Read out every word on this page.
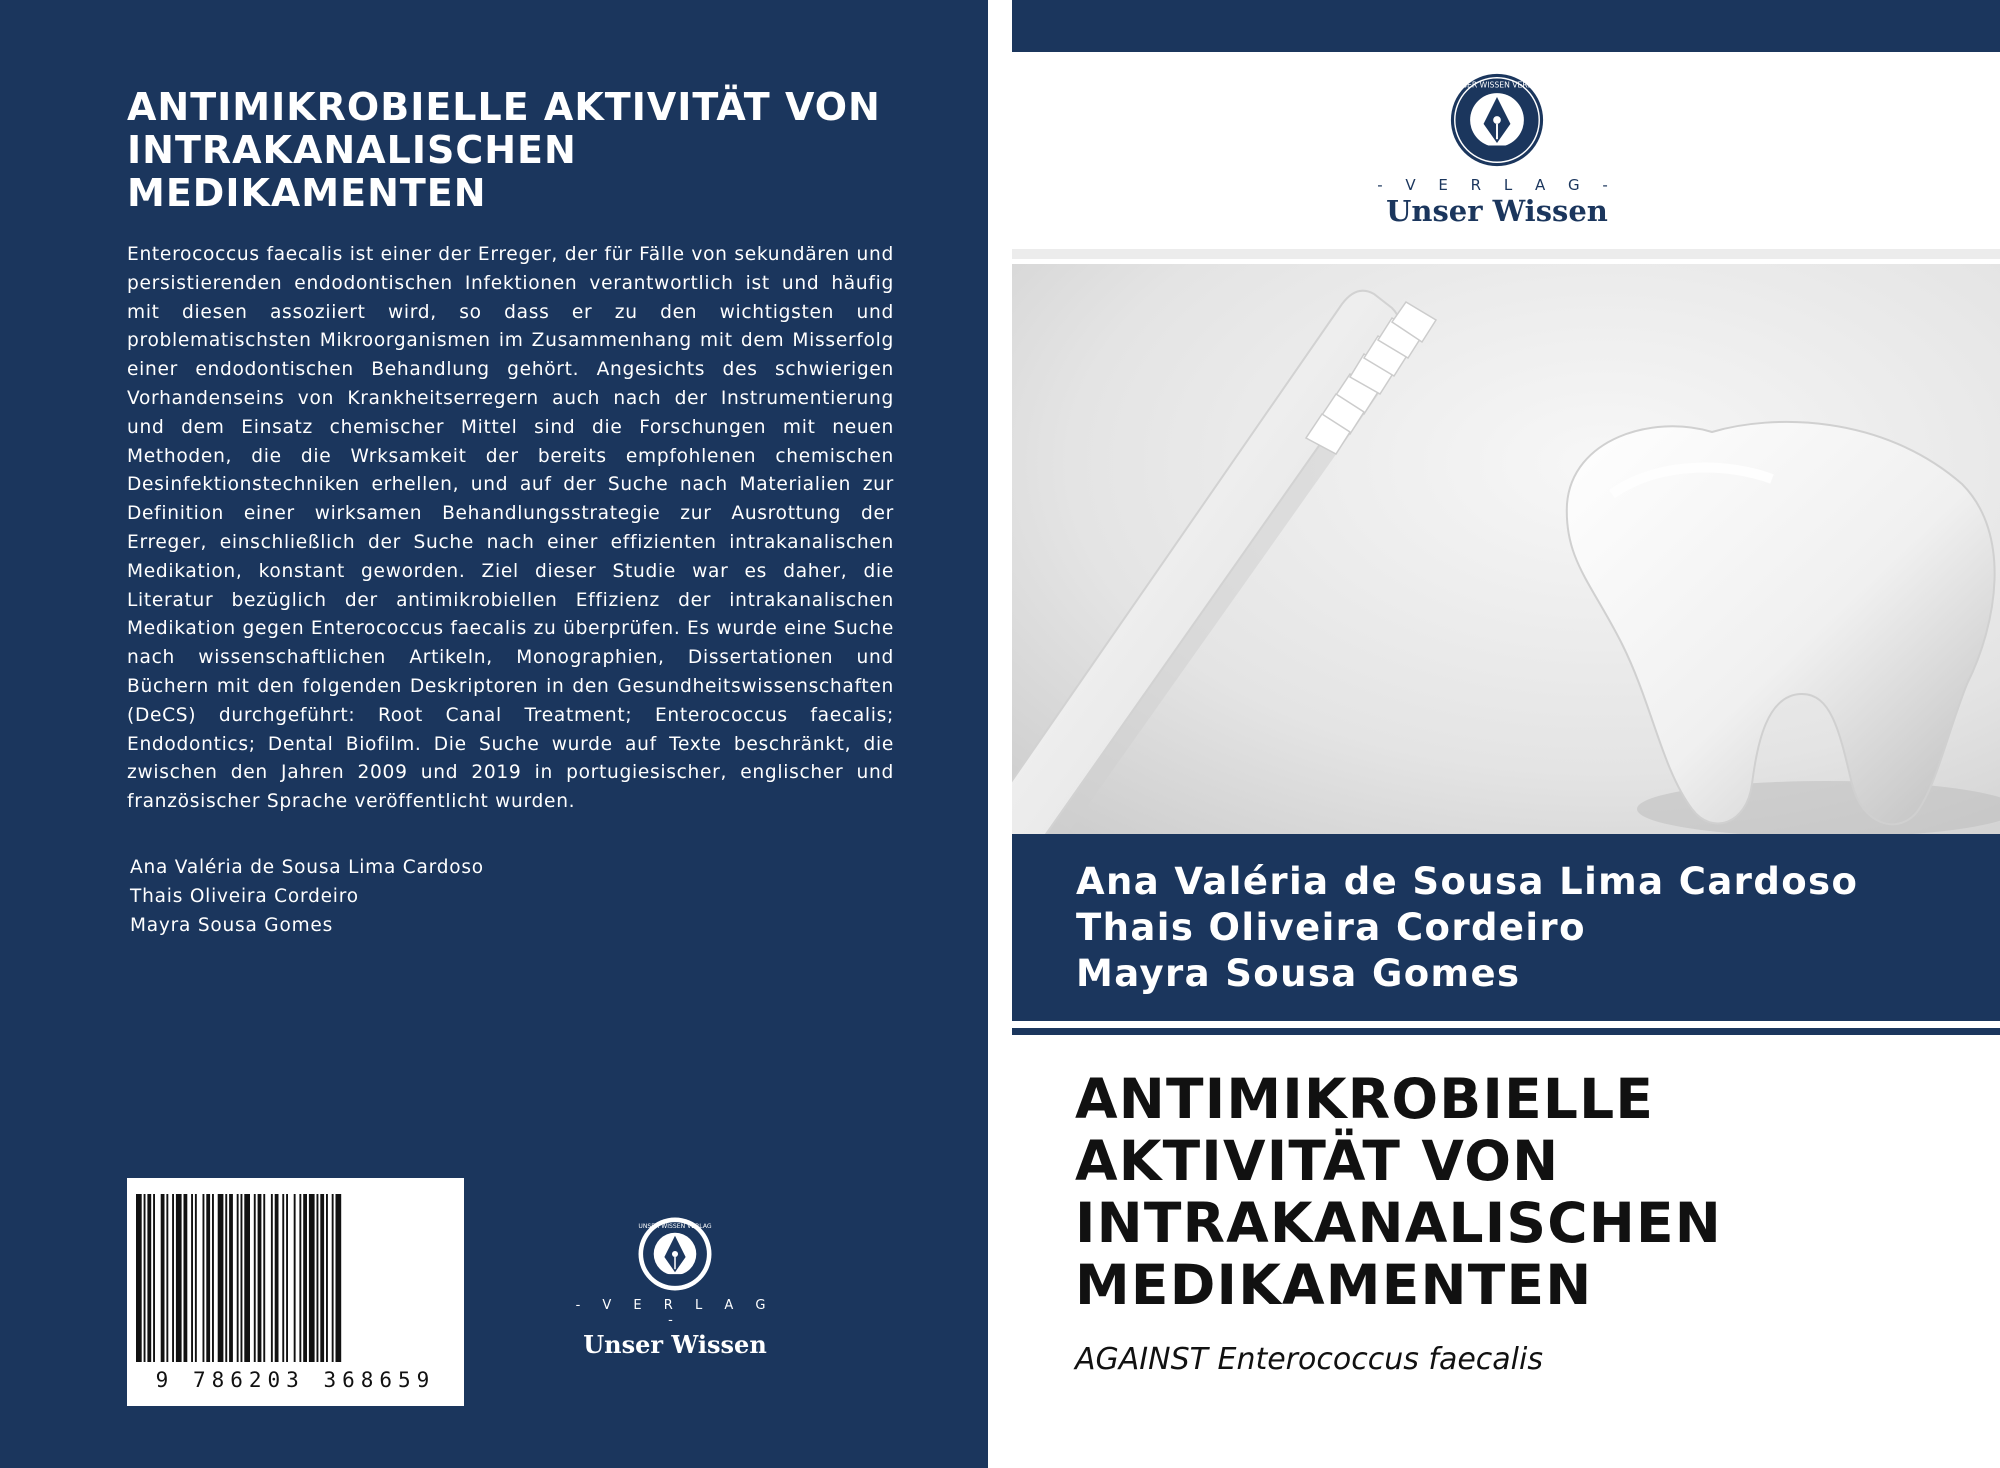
ANTIMIKROBIELLE AKTIVITÄT VON INTRAKANALISCHEN MEDIKAMENTEN

Enterococcus faecalis ist einer der Erreger, der für Fälle von sekundären und persistierenden endodontischen Infektionen verantwortlich ist und häufig mit diesen assoziiert wird, so dass er zu den wichtigsten und problematischsten Mikroorganismen im Zusammenhang mit dem Misserfolg einer endodontischen Behandlung gehört. Angesichts des schwierigen Vorhandenseins von Krankheitserregern auch nach der Instrumentierung und dem Einsatz chemischer Mittel sind die Forschungen mit neuen Methoden, die die Wrksamkeit der bereits empfohlenen chemischen Desinfektionstechniken erhellen, und auf der Suche nach Materialien zur Definition einer wirksamen Behandlungsstrategie zur Ausrottung der Erreger, einschließlich der Suche nach einer effizienten intrakanalischen Medikation, konstant geworden. Ziel dieser Studie war es daher, die Literatur bezüglich der antimikrobiellen Effizienz der intrakanalischen Medikation gegen Enterococcus faecalis zu überprüfen. Es wurde eine Suche nach wissenschaftlichen Artikeln, Monographien, Dissertationen und Büchern mit den folgenden Deskriptoren in den Gesundheitswissenschaften (DeCS) durchgeführt: Root Canal Treatment; Enterococcus faecalis; Endodontics; Dental Biofilm. Die Suche wurde auf Texte beschränkt, die zwischen den Jahren 2009 und 2019 in portugiesischer, englischer und französischer Sprache veröffentlicht wurden.

Ana Valéria de Sousa Lima Cardoso
Thais Oliveira Cordeiro
Mayra Sousa Gomes
9 786203 368659
UNSER WISSEN VERLAG
- V E R L A G -
Unser Wissen
UNSER WISSEN VERLAG
- V E R L A G -
Unser Wissen
Ana Valéria de Sousa Lima Cardoso
Thais Oliveira Cordeiro
Mayra Sousa Gomes
ANTIMIKROBIELLE AKTIVITÄT VON INTRAKANALISCHEN MEDIKAMENTEN

AGAINST Enterococcus faecalis
